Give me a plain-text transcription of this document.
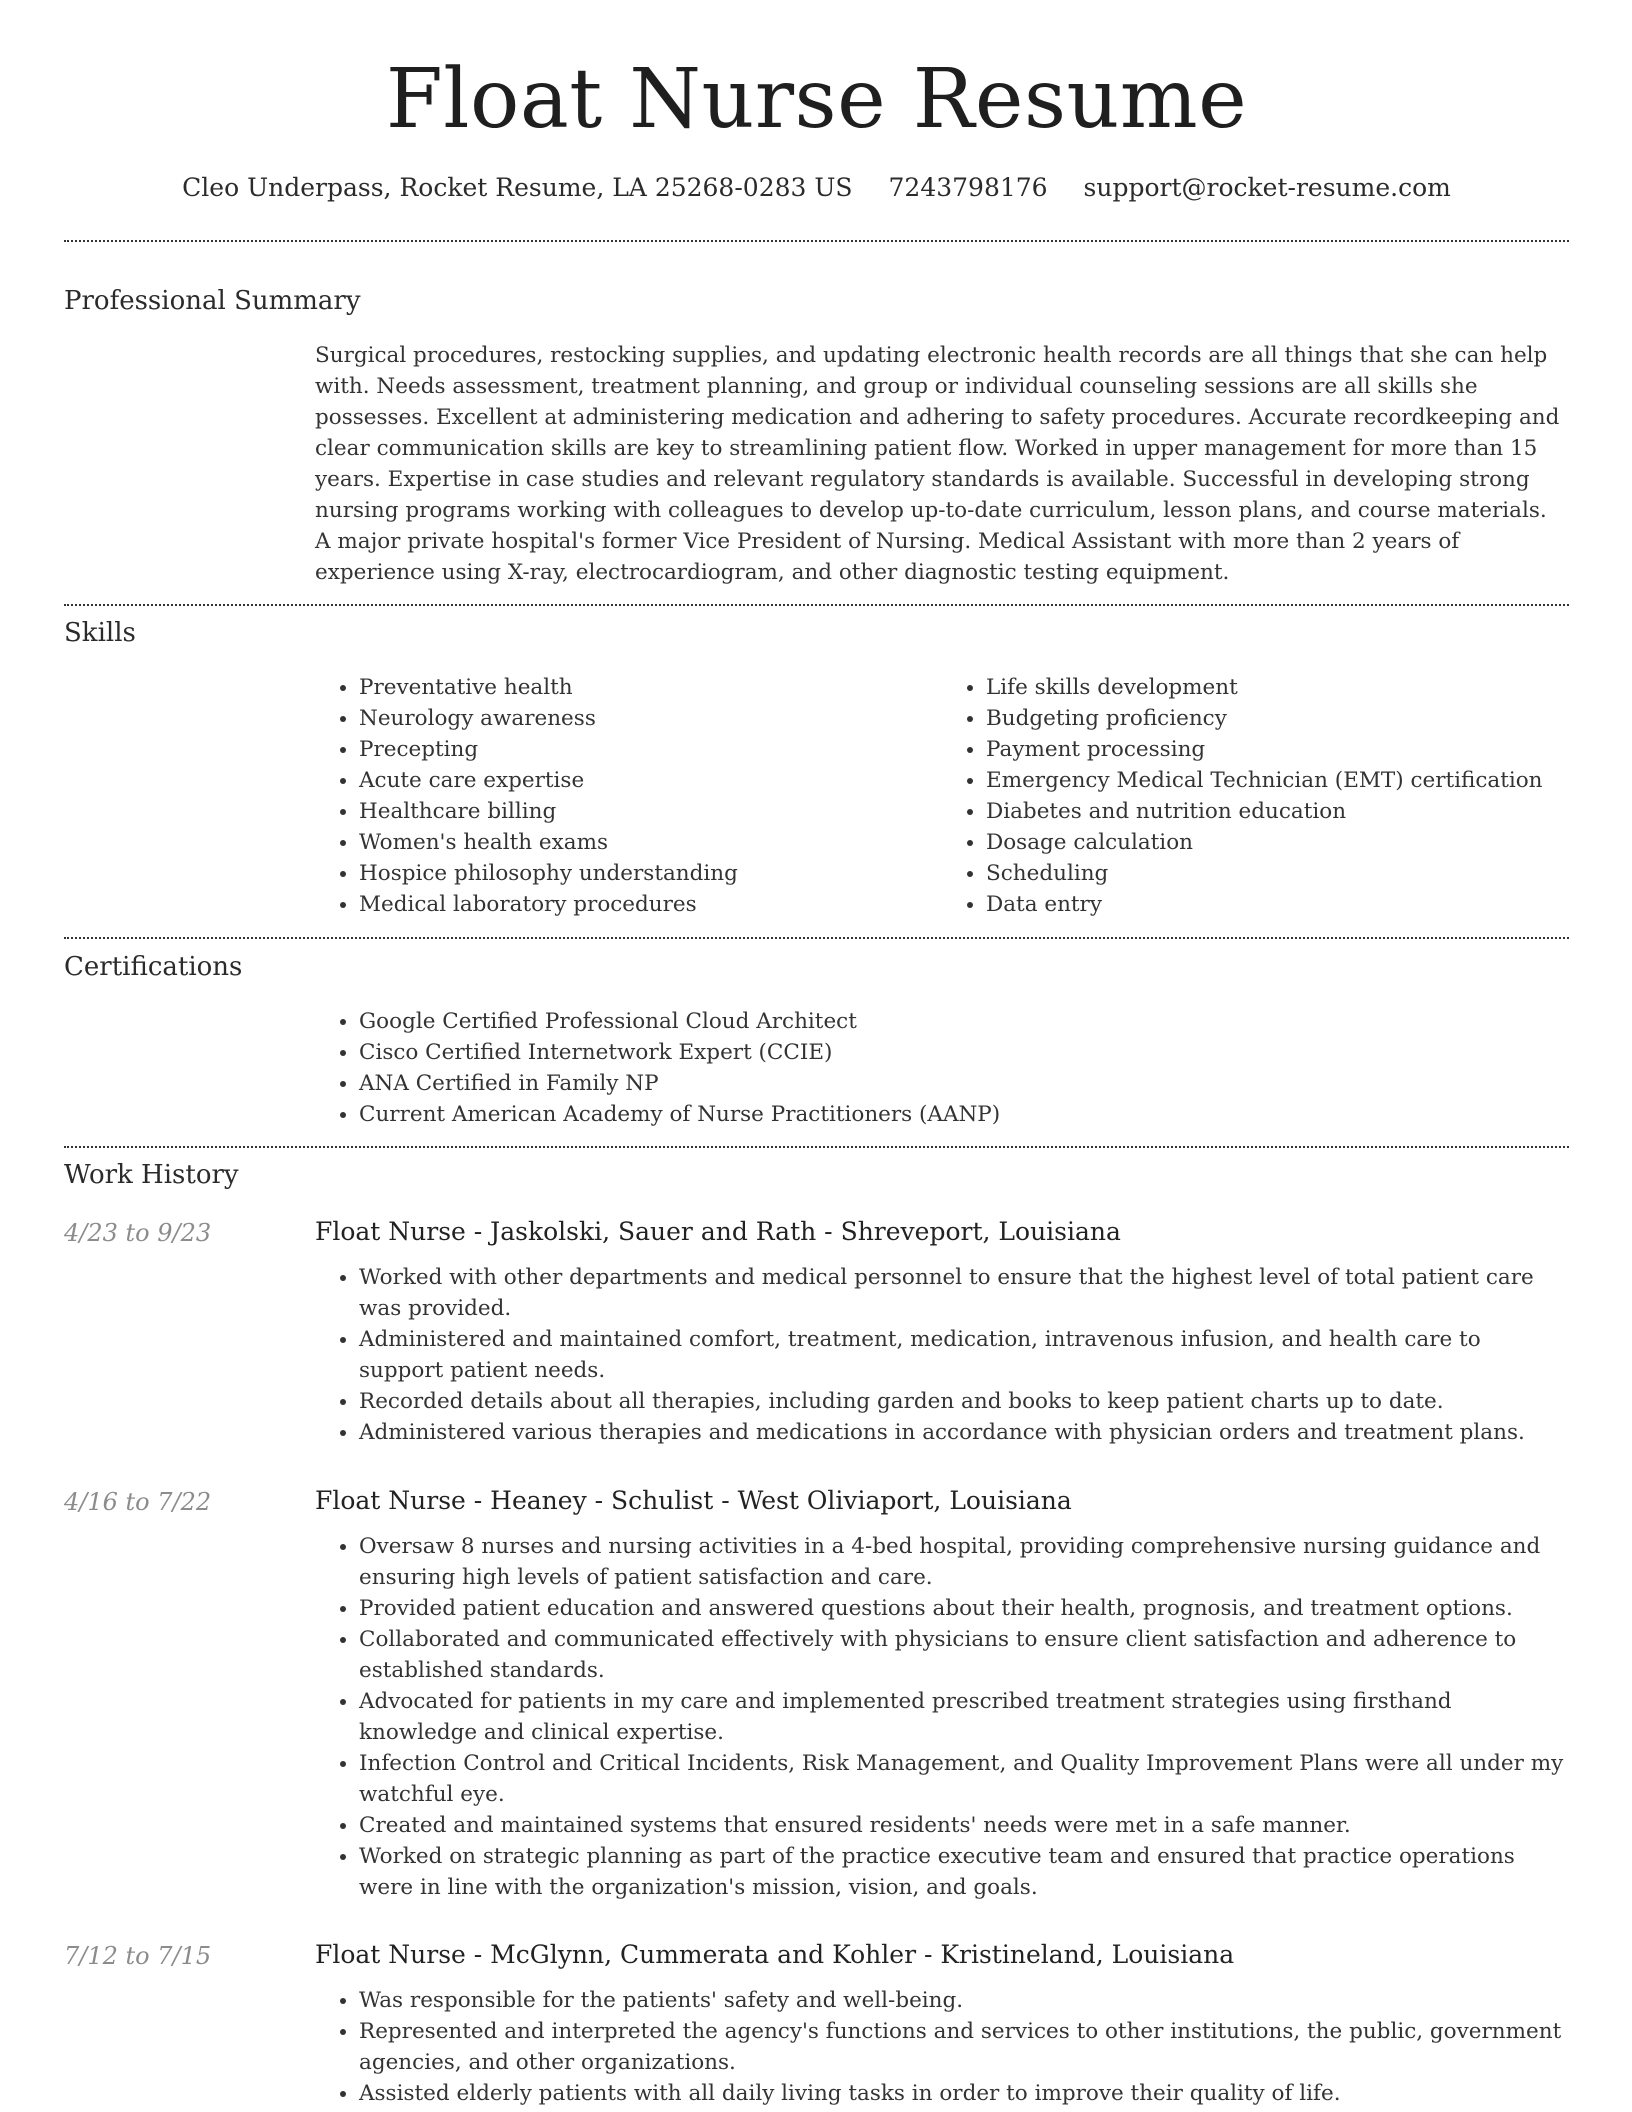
Float Nurse Resume
Cleo Underpass, Rocket Resume, LA 25268-0283 US 7243798176 support@rocket-resume.com
Professional Summary

Surgical procedures, restocking supplies, and updating electronic health records are all things that she can help with. Needs assessment, treatment planning, and group or individual counseling sessions are all skills she possesses. Excellent at administering medication and adhering to safety procedures. Accurate recordkeeping and clear communication skills are key to streamlining patient flow. Worked in upper management for more than 15 years. Expertise in case studies and relevant regulatory standards is available. Successful in developing strong nursing programs working with colleagues to develop up-to-date curriculum, lesson plans, and course materials. A major private hospital's former Vice President of Nursing. Medical Assistant with more than 2 years of experience using X-ray, electrocardiogram, and other diagnostic testing equipment.

Skills
• Preventative health
• Neurology awareness
• Precepting
• Acute care expertise
• Healthcare billing
• Women's health exams
• Hospice philosophy understanding
• Medical laboratory procedures
• Life skills development
• Budgeting proficiency
• Payment processing
• Emergency Medical Technician (EMT) certification
• Diabetes and nutrition education
• Dosage calculation
• Scheduling
• Data entry
Certifications
• Google Certified Professional Cloud Architect
• Cisco Certified Internetwork Expert (CCIE)
• ANA Certified in Family NP
• Current American Academy of Nurse Practitioners (AANP)
Work History
4/23 to 9/23	Float Nurse - Jaskolski, Sauer and Rath - Shreveport, Louisiana
• Worked with other departments and medical personnel to ensure that the highest level of total patient care was provided.
• Administered and maintained comfort, treatment, medication, intravenous infusion, and health care to support patient needs.
• Recorded details about all therapies, including garden and books to keep patient charts up to date.
• Administered various therapies and medications in accordance with physician orders and treatment plans.
4/16 to 7/22	Float Nurse - Heaney - Schulist - West Oliviaport, Louisiana
• Oversaw 8 nurses and nursing activities in a 4-bed hospital, providing comprehensive nursing guidance and ensuring high levels of patient satisfaction and care.
• Provided patient education and answered questions about their health, prognosis, and treatment options.
• Collaborated and communicated effectively with physicians to ensure client satisfaction and adherence to established standards.
• Advocated for patients in my care and implemented prescribed treatment strategies using firsthand knowledge and clinical expertise.
• Infection Control and Critical Incidents, Risk Management, and Quality Improvement Plans were all under my watchful eye.
• Created and maintained systems that ensured residents' needs were met in a safe manner.
• Worked on strategic planning as part of the practice executive team and ensured that practice operations were in line with the organization's mission, vision, and goals.
7/12 to 7/15	Float Nurse - McGlynn, Cummerata and Kohler - Kristineland, Louisiana
• Was responsible for the patients' safety and well-being.
• Represented and interpreted the agency's functions and services to other institutions, the public, government agencies, and other organizations.
• Assisted elderly patients with all daily living tasks in order to improve their quality of life.
